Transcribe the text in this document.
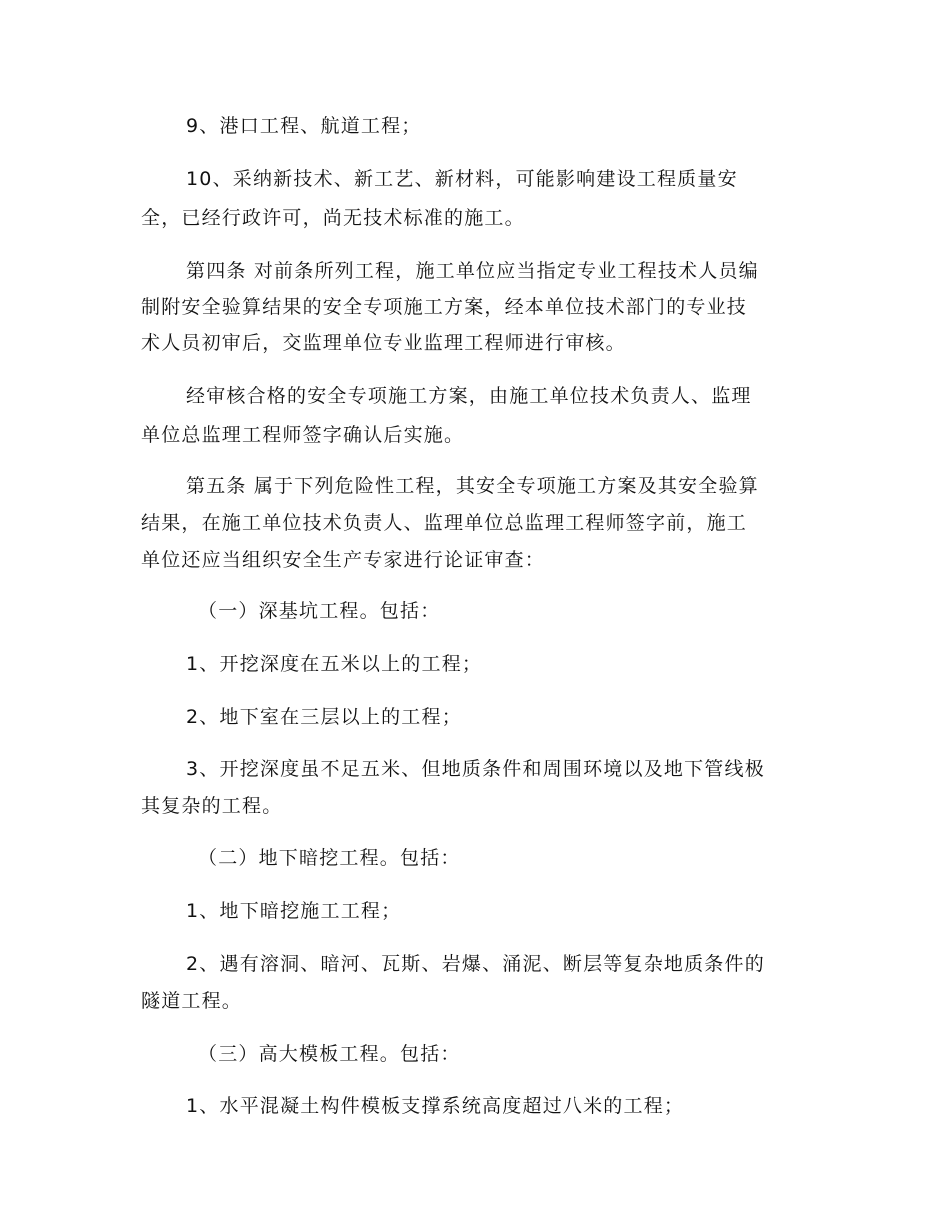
9、港口工程、航道工程；
10、采纳新技术、新工艺、新材料，可能影响建设工程质量安
全，已经行政许可，尚无技术标准的施工。
第四条 对前条所列工程，施工单位应当指定专业工程技术人员编
制附安全验算结果的安全专项施工方案，经本单位技术部门的专业技
术人员初审后，交监理单位专业监理工程师进行审核。
经审核合格的安全专项施工方案，由施工单位技术负责人、监理
单位总监理工程师签字确认后实施。
第五条 属于下列危险性工程，其安全专项施工方案及其安全验算
结果，在施工单位技术负责人、监理单位总监理工程师签字前，施工
单位还应当组织安全生产专家进行论证审查：
（一）深基坑工程。包括：
1、开挖深度在五米以上的工程；
2、地下室在三层以上的工程；
3、开挖深度虽不足五米、但地质条件和周围环境以及地下管线极
其复杂的工程。
（二）地下暗挖工程。包括：
1、地下暗挖施工工程；
2、遇有溶洞、暗河、瓦斯、岩爆、涌泥、断层等复杂地质条件的
隧道工程。
（三）高大模板工程。包括：
1、水平混凝土构件模板支撑系统高度超过八米的工程；
